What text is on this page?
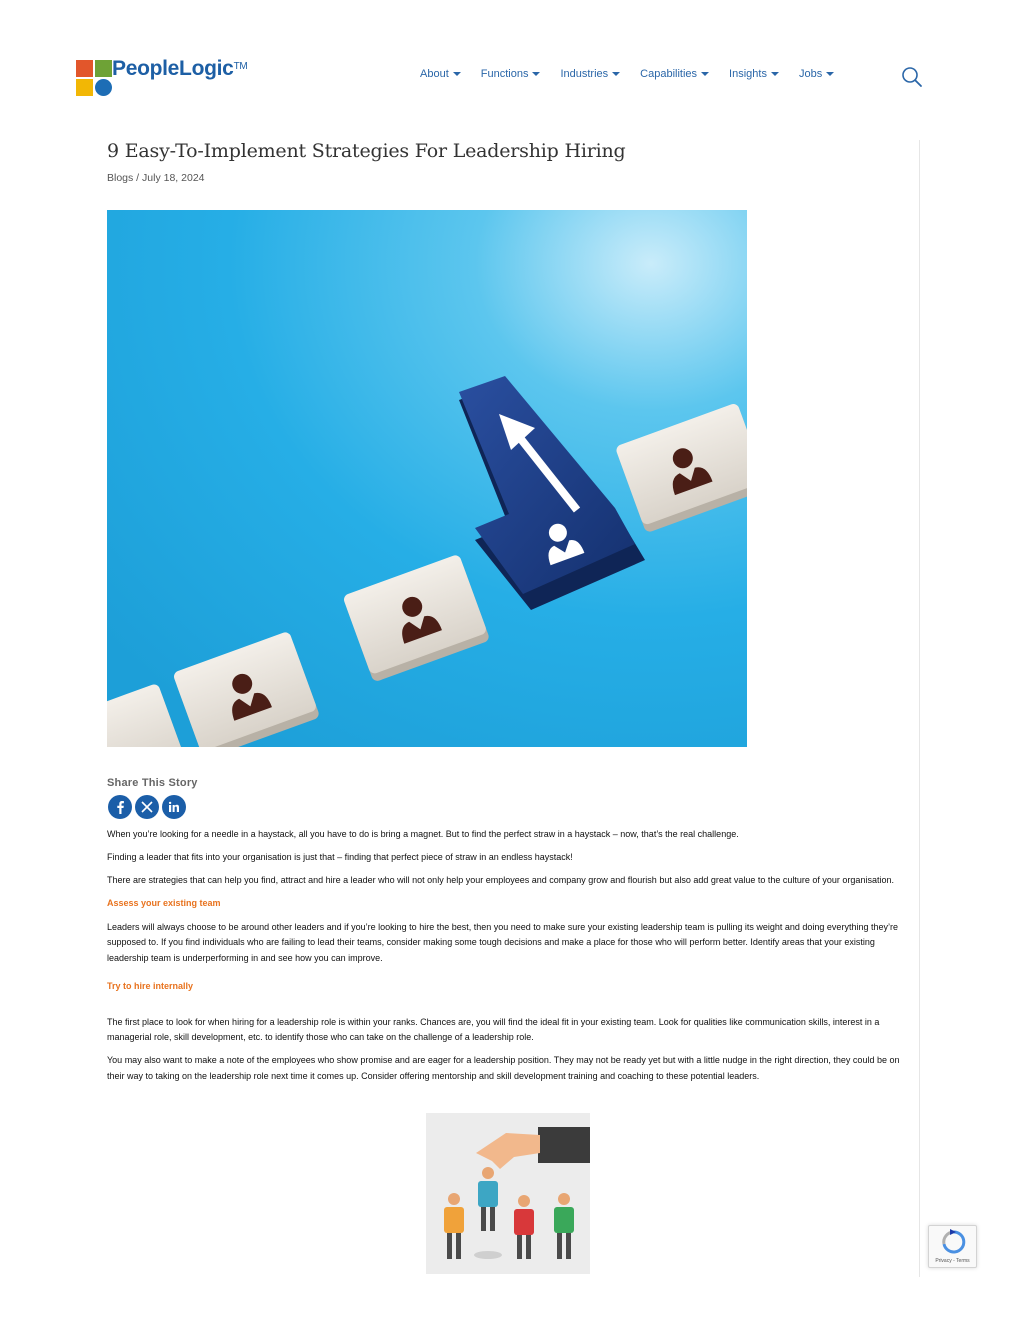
PeopleLogic™
About	Functions	Industries	Capabilities	Insights	Jobs
9 Easy-To-Implement Strategies For Leadership Hiring
Blogs / July 18, 2024
Share This Story

When you’re looking for a needle in a haystack, all you have to do is bring a magnet. But to find the perfect straw in a haystack – now, that’s the real challenge.

Finding a leader that fits into your organisation is just that – finding that perfect piece of straw in an endless haystack!

There are strategies that can help you find, attract and hire a leader who will not only help your employees and company grow and flourish but also add great value to the culture of your organisation.

Assess your existing team

Leaders will always choose to be around other leaders and if you’re looking to hire the best, then you need to make sure your existing leadership team is pulling its weight and doing everything they’re supposed to. If you find individuals who are failing to lead their teams, consider making some tough decisions and make a place for those who will perform better. Identify areas that your existing leadership team is underperforming in and see how you can improve.

Try to hire internally

The first place to look for when hiring for a leadership role is within your ranks. Chances are, you will find the ideal fit in your existing team. Look for qualities like communication skills, interest in a managerial role, skill development, etc. to identify those who can take on the challenge of a leadership role.

You may also want to make a note of the employees who show promise and are eager for a leadership position. They may not be ready yet but with a little nudge in the right direction, they could be on their way to taking on the leadership role next time it comes up. Consider offering mentorship and skill development training and coaching to these potential leaders.

Privacy - Terms
